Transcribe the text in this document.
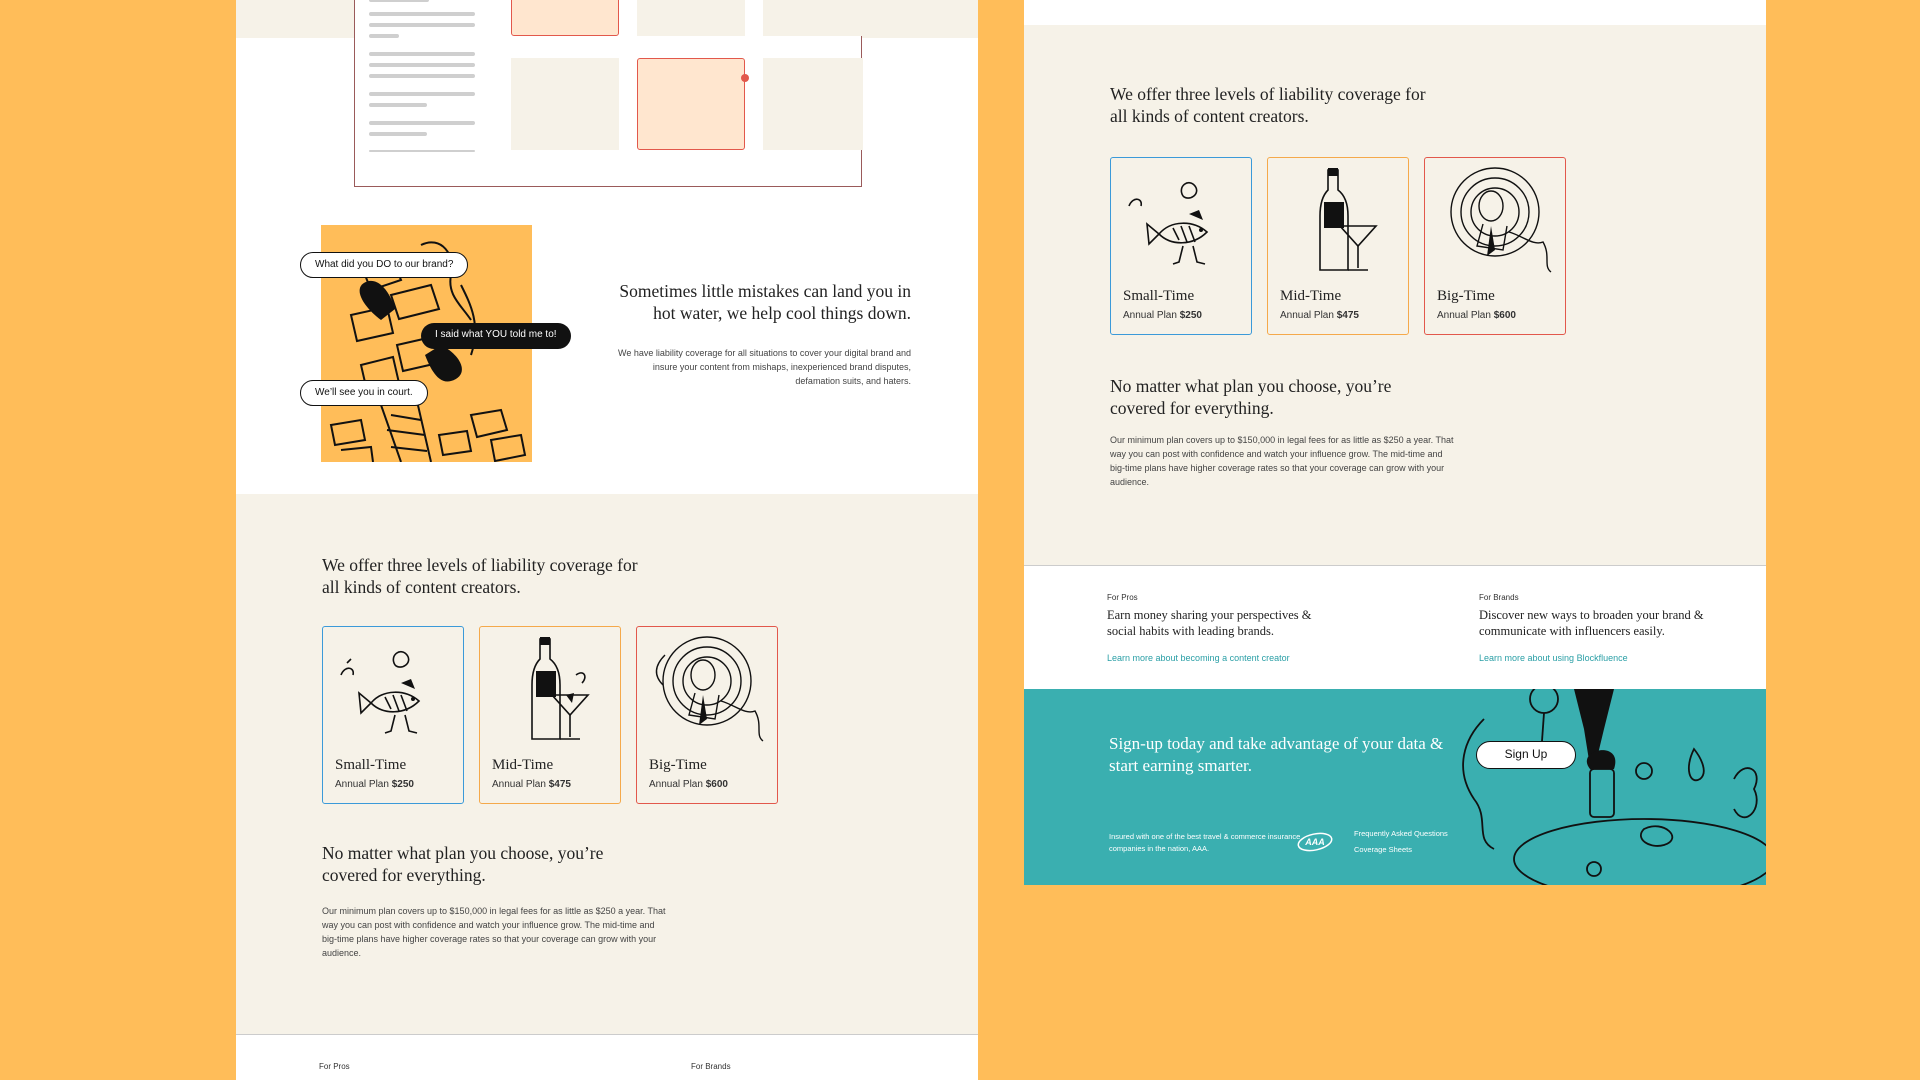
What did you DO to our brand?
I said what YOU told me to!
We’ll see you in court.
Sometimes little mistakes can land you in hot water, we help cool things down.
We have liability coverage for all situations to cover your digital brand and insure your content from mishaps, inexperienced brand disputes, defamation suits, and haters.
We offer three levels of liability coverage for all kinds of content creators.
Small-Time
Annual Plan $250
Mid-Time
Annual Plan $475
Big-Time
Annual Plan $600
No matter what plan you choose, you’re covered for everything.
Our minimum plan covers up to $150,000 in legal fees for as little as $250 a year. That way you can post with confidence and watch your influence grow. The mid-time and big-time plans have higher coverage rates so that your coverage can grow with your audience.
For Pros	For Brands
We offer three levels of liability coverage for all kinds of content creators.
Small-Time
Annual Plan $250
Mid-Time
Annual Plan $475
Big-Time
Annual Plan $600
No matter what plan you choose, you’re covered for everything.
Our minimum plan covers up to $150,000 in legal fees for as little as $250 a year. That way you can post with confidence and watch your influence grow. The mid-time and big-time plans have higher coverage rates so that your coverage can grow with your audience.
For Pros
Earn money sharing your perspectives & social habits with leading brands.
Learn more about becoming a content creator
For Brands
Discover new ways to broaden your brand & communicate with influencers easily.
Learn more about using Blockfluence
Sign-up today and take advantage of your data & start earning smarter.
Sign Up
Insured with one of the best travel & commerce insurance companies in the nation, AAA.
AAA
Frequently Asked Questions
Coverage Sheets
